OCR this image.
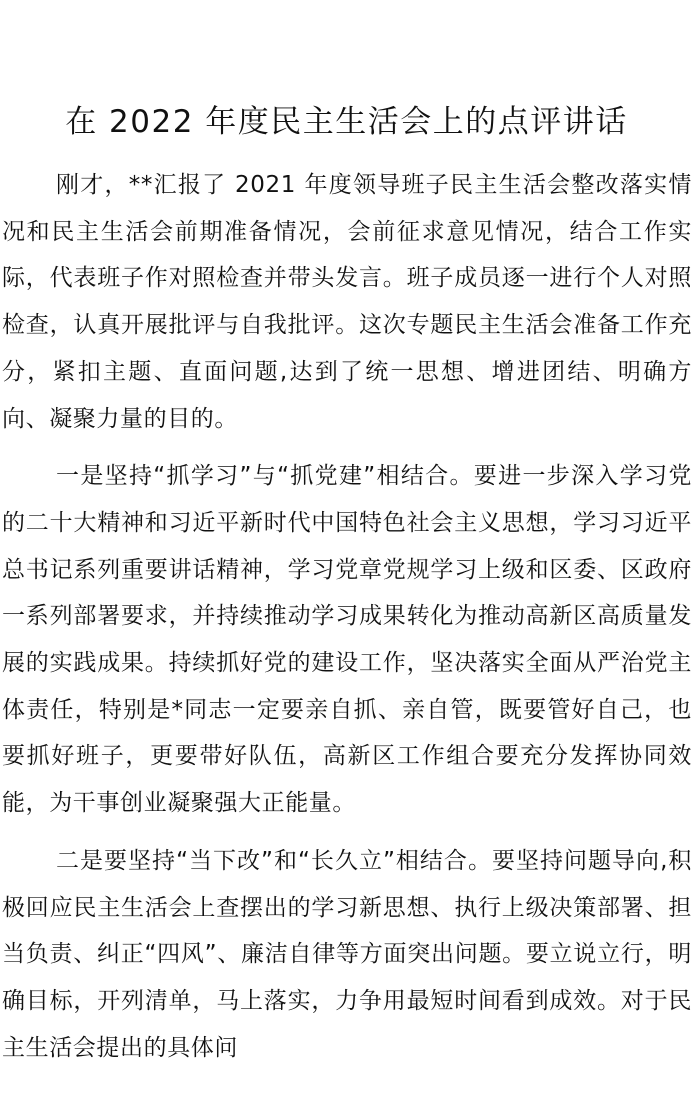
在 2022 年度民主生活会上的点评讲话

刚才，**汇报了 2021 年度领导班子民主生活会整改落实情况和民主生活会前期准备情况，会前征求意见情况，结合工作实际，代表班子作对照检查并带头发言。班子成员逐一进行个人对照检查，认真开展批评与自我批评。这次专题民主生活会准备工作充分，紧扣主题、直面问题,达到了统一思想、增进团结、明确方向、凝聚力量的目的。

一是坚持“抓学习”与“抓党建”相结合。要进一步深入学习党的二十大精神和习近平新时代中国特色社会主义思想，学习习近平总书记系列重要讲话精神，学习党章党规学习上级和区委、区政府一系列部署要求，并持续推动学习成果转化为推动高新区高质量发展的实践成果。持续抓好党的建设工作，坚决落实全面从严治党主体责任，特别是*同志一定要亲自抓、亲自管，既要管好自己，也要抓好班子，更要带好队伍，高新区工作组合要充分发挥协同效能，为干事创业凝聚强大正能量。

二是要坚持“当下改”和“长久立”相结合。要坚持问题导向,积极回应民主生活会上查摆出的学习新思想、执行上级决策部署、担当负责、纠正“四风”、廉洁自律等方面突出问题。要立说立行，明确目标，开列清单，马上落实，力争用最短时间看到成效。对于民主生活会提出的具体问
